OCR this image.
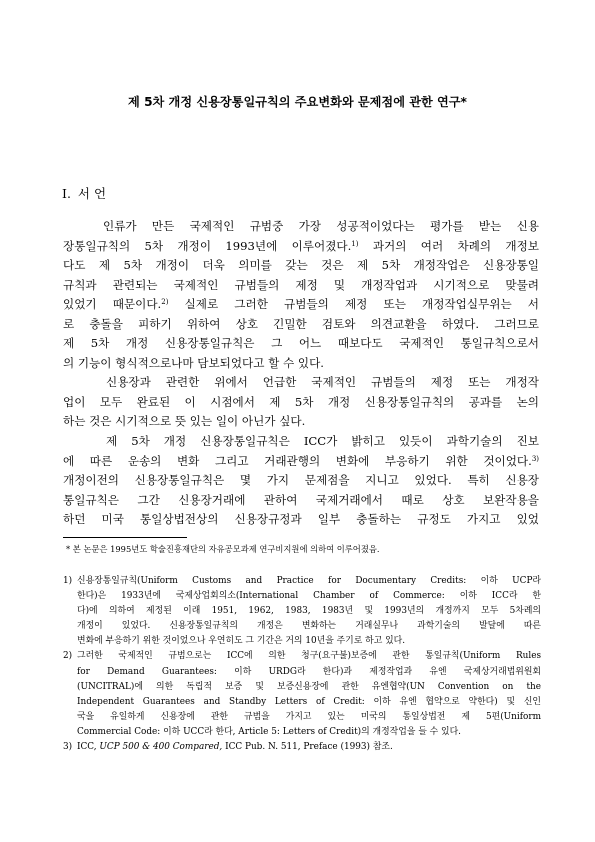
제 5차 개정 신용장통일규칙의 주요변화와 문제점에 관한 연구*
Ⅰ. 서 언
인류가 만든 국제적인 규범중 가장 성공적이었다는 평가를 받는 신용
장통일규칙의 5차 개정이 1993년에 이루어졌다.$^{1)}$ 과거의 여러 차례의 개정보
다도 제 5차 개정이 더욱 의미를 갖는 것은 제 5차 개정작업은 신용장통일
규칙과 관련되는 국제적인 규범들의 제정 및 개정작업과 시기적으로 맞물려
있었기 때문이다.$^{2)}$ 실제로 그러한 규범들의 제정 또는 개정작업실무위는 서
로 충돌을 피하기 위하여 상호 긴밀한 검토와 의견교환을 하였다. 그러므로
제 5차 개정 신용장통일규칙은 그 어느 때보다도 국제적인 통일규칙으로서
의 기능이 형식적으로나마 담보되었다고 할 수 있다.
신용장과 관련한 위에서 언급한 국제적인 규범들의 제정 또는 개정작
업이 모두 완료된 이 시점에서 제 5차 개정 신용장통일규칙의 공과를 논의
하는 것은 시기적으로 뜻 있는 일이 아닌가 싶다.
제 5차 개정 신용장통일규칙은 ICC가 밝히고 있듯이 과학기술의 진보
에 따른 운송의 변화 그리고 거래관행의 변화에 부응하기 위한 것이었다.$^{3)}$
개정이전의 신용장통일규칙은 몇 가지 문제점을 지니고 있었다. 특히 신용장
통일규칙은 그간 신용장거래에 관하여 국제거래에서 때로 상호 보완작용을
하던 미국 통일상법전상의 신용장규정과 일부 충돌하는 규정도 가지고 있었
* 본 논문은 1995년도 학술진흥재단의 자유공모과제 연구비지원에 의하여 이루어졌음.
1) 신용장통일규칙(Uniform Customs and Practice for Documentary Credits: 이하 UCP라
한다)은 1933년에 국제상업회의소(International Chamber of Commerce: 이하 ICC라 한
다)에 의하여 제정된 이래 1951, 1962, 1983, 1983년 및 1993년의 개정까지 모두 5차례의
개정이 있었다. 신용장통일규칙의 개정은 변화하는 거래실무나 과학기술의 발달에 따른
변화에 부응하기 위한 것이었으나 우연히도 그 기간은 거의 10년을 주기로 하고 있다.
2) 그러한 국제적인 규범으로는 ICC에 의한 청구(요구불)보증에 관한 통일규칙(Uniform Rules
for Demand Guarantees: 이하 URDG라 한다)과 제정작업과 유엔 국제상거래법위원회
(UNCITRAL)에 의한 독립적 보증 및 보증신용장에 관한 유엔협약(UN Convention on the
Independent Guarantees and Standby Letters of Credit: 이하 유엔 협약으로 약한다) 및 신인
국을 유일하게 신용장에 관한 규범을 가지고 있는 미국의 통일상법전 제 5편(Uniform
Commercial Code: 이하 UCC라 한다, Article 5: Letters of Credit)의 개정작업을 들 수 있다.
3) ICC, UCP 500 & 400 Compared, ICC Pub. N. 511, Preface (1993) 참조.
